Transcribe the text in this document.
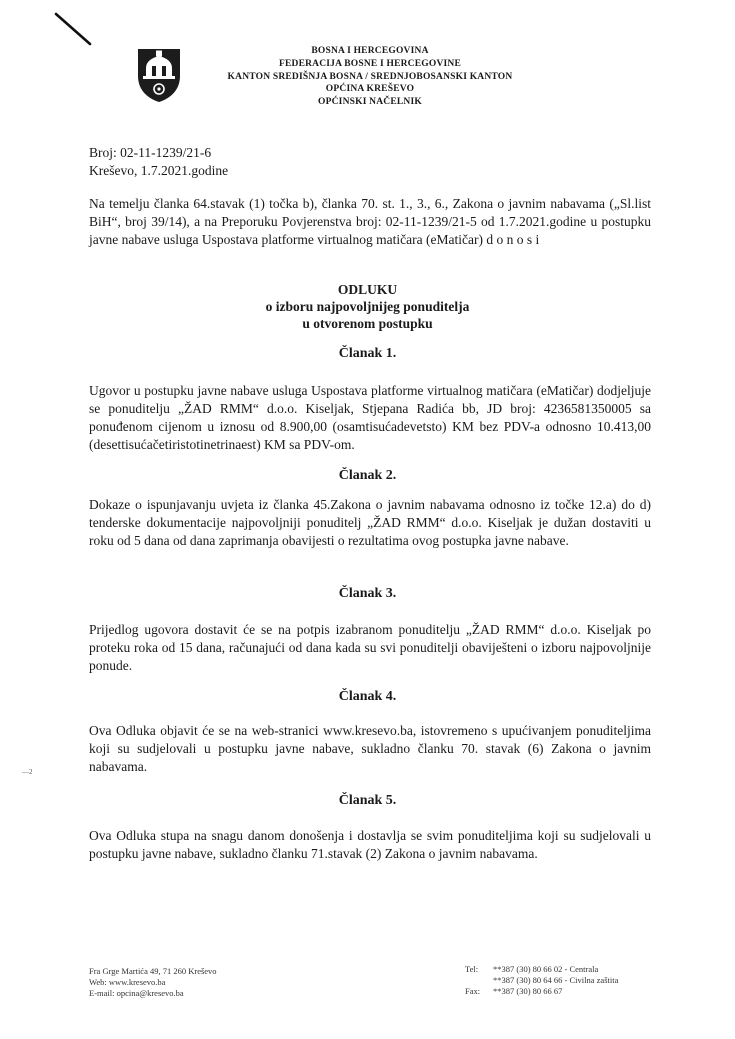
BOSNA I HERCEGOVINA
FEDERACIJA BOSNE I HERCEGOVINE
KANTON SREDIŠNJA BOSNA / SREDNJOBOSANSKI KANTON
OPĆINA KREŠEVO
OPĆINSKI NAČELNIK
Broj: 02-11-1239/21-6
Kreševo, 1.7.2021.godine
Na temelju članka 64.stavak (1) točka b), članka 70. st. 1., 3., 6., Zakona o javnim nabavama („Sl.list BiH“, broj 39/14), a na Preporuku Povjerenstva broj: 02-11-1239/21-5 od 1.7.2021.godine u postupku javne nabave usluga Uspostava platforme virtualnog matičara (eMatičar) d o n o s i
ODLUKU
o izboru najpovoljnijeg ponuditelja
u otvorenom postupku
Članak 1.
Ugovor u postupku javne nabave usluga Uspostava platforme virtualnog matičara (eMatičar) dodjeljuje se ponuditelju „ŽAD RMM“ d.o.o. Kiseljak, Stjepana Radića bb, JD broj: 4236581350005 sa ponuđenom cijenom u iznosu od 8.900,00 (osamtisućadevetsto) KM bez PDV-a odnosno 10.413,00 (desettisućačetiristotinetrinaest) KM sa PDV-om.
Članak 2.
Dokaze o ispunjavanju uvjeta iz članka 45.Zakona o javnim nabavama odnosno iz točke 12.a) do d) tenderske dokumentacije najpovoljniji ponuditelj „ŽAD RMM“ d.o.o. Kiseljak je dužan dostaviti u roku od 5 dana od dana zaprimanja obavijesti o rezultatima ovog postupka javne nabave.
Članak 3.
Prijedlog ugovora dostavit će se na potpis izabranom ponuditelju „ŽAD RMM“ d.o.o. Kiseljak po proteku roka od 15 dana, računajući od dana kada su svi ponuditelji obaviješteni o izboru najpovoljnije ponude.
Članak 4.
Ova Odluka objavit će se na web-stranici www.kresevo.ba, istovremeno s upućivanjem ponuditeljima koji su sudjelovali u postupku javne nabave, sukladno članku 70. stavak (6) Zakona o javnim nabavama.
Članak 5.
Ova Odluka stupa na snagu danom donošenja i dostavlja se svim ponuditeljima koji su sudjelovali u postupku javne nabave, sukladno članku 71.stavak (2) Zakona o javnim nabavama.
—2
Fra Grge Martića 49, 71 260 Kreševo
Web: www.kresevo.ba
E-mail: opcina@kresevo.ba
Tel: **387 (30) 80 66 02 - Centrala
**387 (30) 80 64 66 - Civilna zaštita
Fax: **387 (30) 80 66 67
